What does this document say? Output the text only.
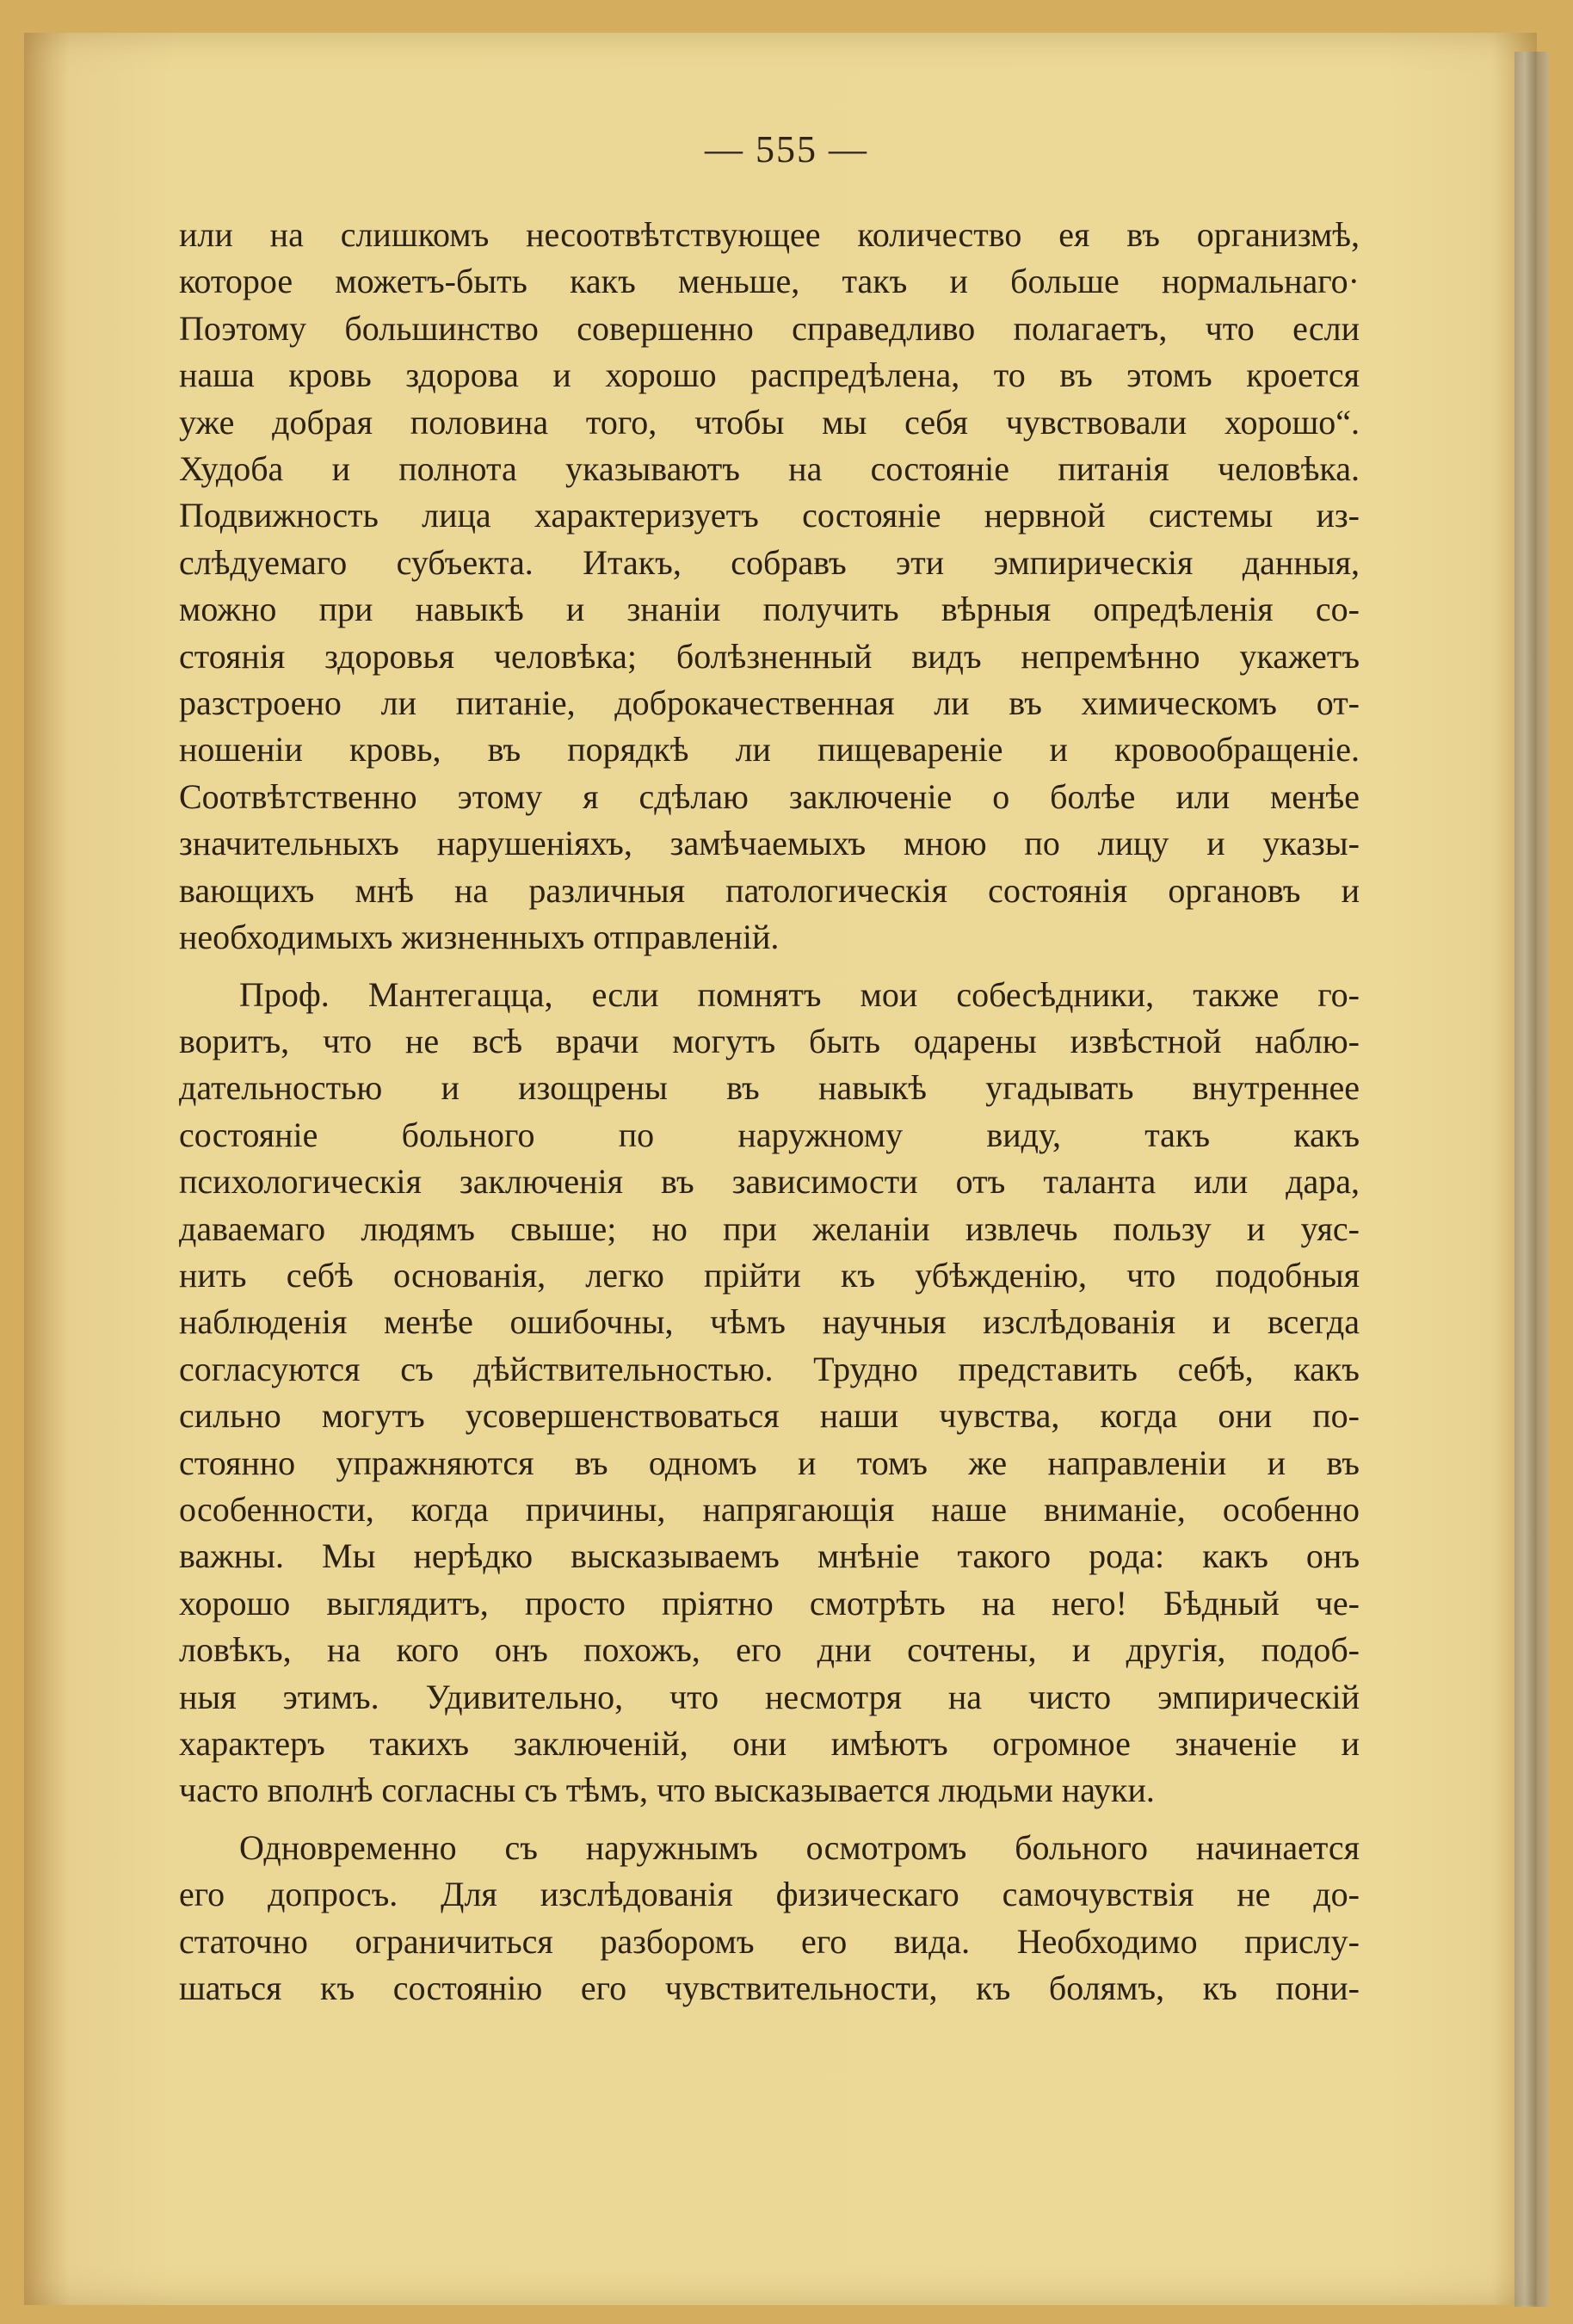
— 555 —
или на слишкомъ несоотвѣтствующее количество ея въ организмѣ,
которое можетъ-быть какъ меньше, такъ и больше нормальнаго·
Поэтому большинство совершенно справедливо полагаетъ, что если
наша кровь здорова и хорошо распредѣлена, то въ этомъ кроется
уже добрая половина того, чтобы мы себя чувствовали хорошо“.
Худоба и полнота указываютъ на состояніе питанія человѣка.
Подвижность лица характеризуетъ состояніе нервной системы из-
слѣдуемаго субъекта. Итакъ, собравъ эти эмпирическія данныя,
можно при навыкѣ и знаніи получить вѣрныя опредѣленія со-
стоянія здоровья человѣка; болѣзненный видъ непремѣнно укажетъ
разстроено ли питаніе, доброкачественная ли въ химическомъ от-
ношеніи кровь, въ порядкѣ ли пищевареніе и кровообращеніе.
Соотвѣтственно этому я сдѣлаю заключеніе о болѣе или менѣе
значительныхъ нарушеніяхъ, замѣчаемыхъ мною по лицу и указы-
вающихъ мнѣ на различныя патологическія состоянія органовъ и
необходимыхъ жизненныхъ отправленій.
Проф. Мантегацца, если помнятъ мои собесѣдники, также го-
воритъ, что не всѣ врачи могутъ быть одарены извѣстной наблю-
дательностью и изощрены въ навыкѣ угадывать внутреннее
состояніе больного по наружному виду, такъ какъ
психологическія заключенія въ зависимости отъ таланта или дара,
даваемаго людямъ свыше; но при желаніи извлечь пользу и уяс-
нить себѣ основанія, легко прійти къ убѣжденію, что подобныя
наблюденія менѣе ошибочны, чѣмъ научныя изслѣдованія и всегда
согласуются съ дѣйствительностью. Трудно представить себѣ, какъ
сильно могутъ усовершенствоваться наши чувства, когда они по-
стоянно упражняются въ одномъ и томъ же направленіи и въ
особенности, когда причины, напрягающія наше вниманіе, особенно
важны. Мы нерѣдко высказываемъ мнѣніе такого рода: какъ онъ
хорошо выглядитъ, просто пріятно смотрѣть на него! Бѣдный че-
ловѣкъ, на кого онъ похожъ, его дни сочтены, и другія, подоб-
ныя этимъ. Удивительно, что несмотря на чисто эмпирическій
характеръ такихъ заключеній, они имѣютъ огромное значеніе и
часто вполнѣ согласны съ тѣмъ, что высказывается людьми науки.
Одновременно съ наружнымъ осмотромъ больного начинается
его допросъ. Для изслѣдованія физическаго самочувствія не до-
статочно ограничиться разборомъ его вида. Необходимо прислу-
шаться къ состоянію его чувствительности, къ болямъ, къ пони-
